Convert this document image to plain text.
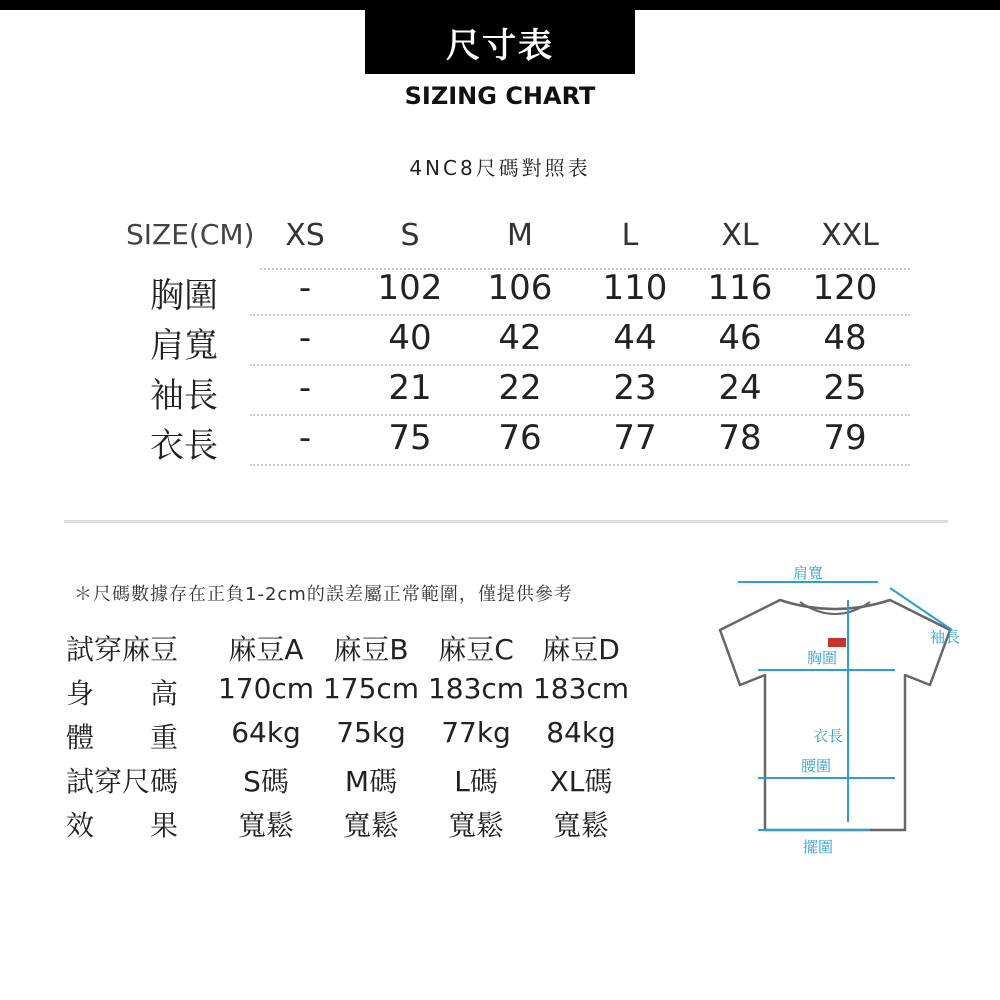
尺寸表
SIZING CHART
4NC8尺碼對照表
SIZE(CM)	XS	S	M	L	XL	XXL
胸圍	-	102	106	110	116	120
肩寬	-	40	42	44	46	48
袖長	-	21	22	23	24	25
衣長	-	75	76	77	78	79
＊尺碼數據存在正負1-2cm的誤差屬正常範圍，僅提供參考
試穿麻豆	麻豆A	麻豆B	麻豆C	麻豆D
身　　高 170cm 175cm 183cm 183cm
體　　重	64kg	75kg	77kg	84kg
試穿尺碼	S碼	M碼	L碼	XL碼
效　　果	寬鬆	寬鬆	寬鬆	寬鬆
肩寬
袖長
胸圍
衣長
腰圍
擺圍
